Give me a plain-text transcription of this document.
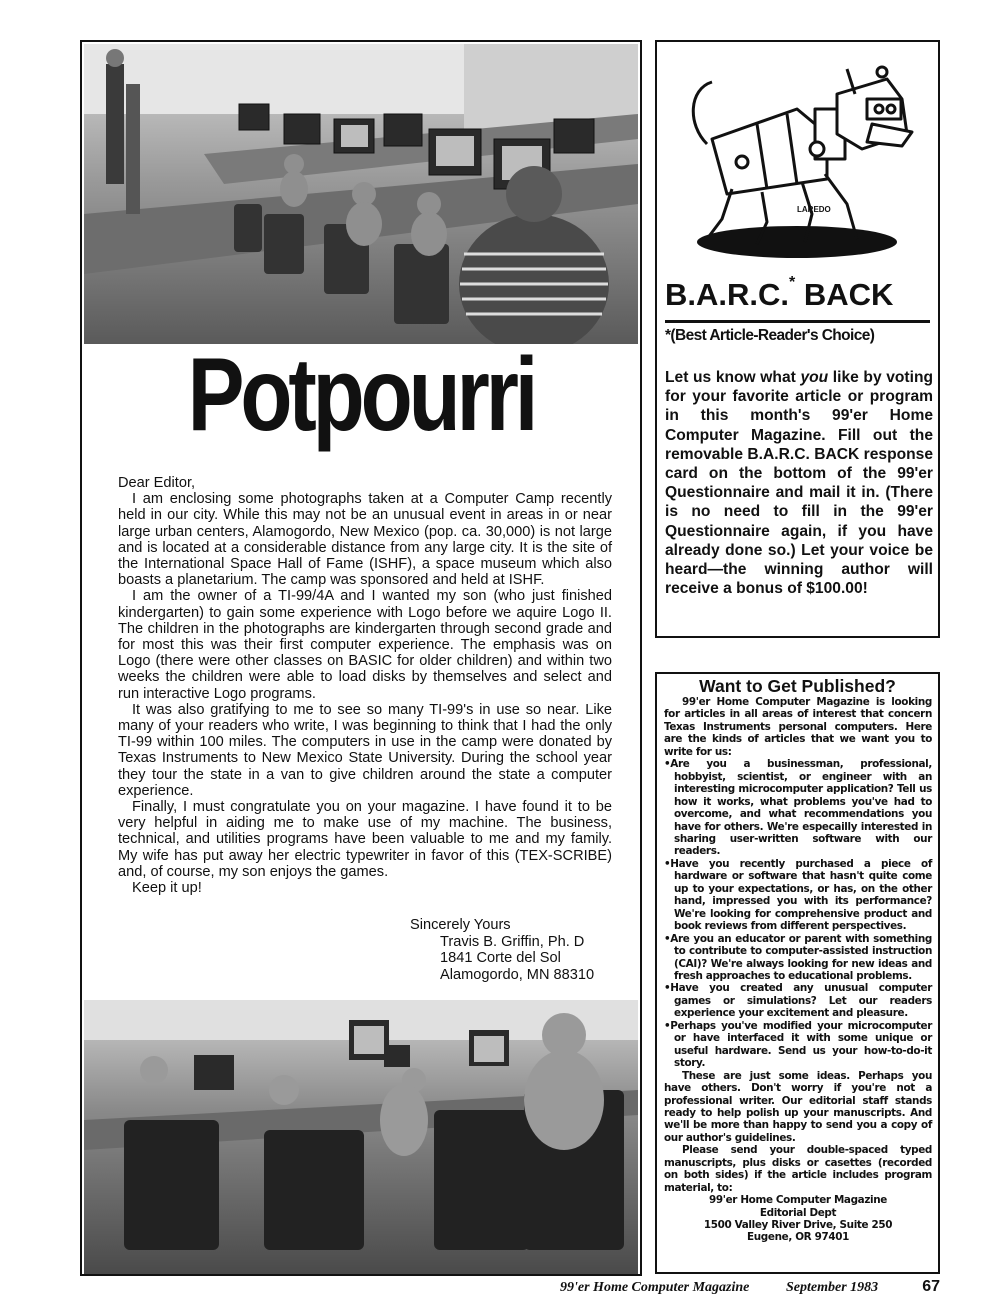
Potpourri

Dear Editor,

I am enclosing some photographs taken at a Computer Camp recently held in our city. While this may not be an unusual event in areas in or near large urban centers, Alamogordo, New Mexico (pop. ca. 30,000) is not large and is located at a considerable distance from any large city. It is the site of the International Space Hall of Fame (ISHF), a space museum which also boasts a planetarium. The camp was sponsored and held at ISHF.

I am the owner of a TI-99/4A and I wanted my son (who just finished kindergarten) to gain some experience with Logo before we aquire Logo II. The children in the photographs are kindergarten through second grade and for most this was their first computer experience. The emphasis was on Logo (there were other classes on BASIC for older children) and within two weeks the children were able to load disks by themselves and select and run interactive Logo programs.

It was also gratifying to me to see so many TI-99's in use so near. Like many of your readers who write, I was beginning to think that I had the only TI-99 within 100 miles. The computers in use in the camp were donated by Texas Instruments to New Mexico State University. During the school year they tour the state in a van to give children around the state a computer experience.

Finally, I must congratulate you on your magazine. I have found it to be very helpful in aiding me to make use of my machine. The business, technical, and utilities programs have been valuable to me and my family. My wife has put away her electric typewriter in favor of this (TEX-SCRIBE) and, of course, my son enjoys the games.

Keep it up!

Sincerely Yours
Travis B. Griffin, Ph. D
1841 Corte del Sol
Alamogordo, MN 88310
LAREDO
B.A.R.C.* BACK
*(Best Article-Reader's Choice)
Let us know what you like by voting for your favorite article or program in this month's 99'er Home Computer Magazine. Fill out the removable B.A.R.C. BACK response card on the bottom of the 99'er Questionnaire and mail it in. (There is no need to fill in the 99'er Questionnaire again, if you have already done so.) Let your voice be heard—the winning author will receive a bonus of $100.00!
Want to Get Published?

99'er Home Computer Magazine is looking for articles in all areas of interest that concern Texas Instruments personal computers. Here are the kinds of articles that we want you to write for us:

• Are you a businessman, professional, hobbyist, scientist, or engineer with an interesting microcomputer application? Tell us how it works, what problems you've had to overcome, and what recommendations you have for others. We're especailly interested in sharing user-written software with our readers.
• Have you recently purchased a piece of hardware or software that hasn't quite come up to your expectations, or has, on the other hand, impressed you with its performance? We're looking for comprehensive product and book reviews from different perspectives.
• Are you an educator or parent with something to contribute to computer-assisted instruction (CAI)? We're always looking for new ideas and fresh approaches to educational problems.
• Have you created any unusual computer games or simulations? Let our readers experience your excitement and pleasure.
• Perhaps you've modified your microcomputer or have interfaced it with some unique or useful hardware. Send us your how-to-do-it story.

These are just some ideas. Perhaps you have others. Don't worry if you're not a professional writer. Our editorial staff stands ready to help polish up your manuscripts. And we'll be more than happy to send you a copy of our author's guidelines.

Please send your double-spaced typed manuscripts, plus disks or casettes (recorded on both sides) if the article includes program material, to:

99'er Home Computer Magazine
Editorial Dept
1500 Valley River Drive, Suite 250
Eugene, OR 97401
99'er Home Computer Magazine	September 1983	67
